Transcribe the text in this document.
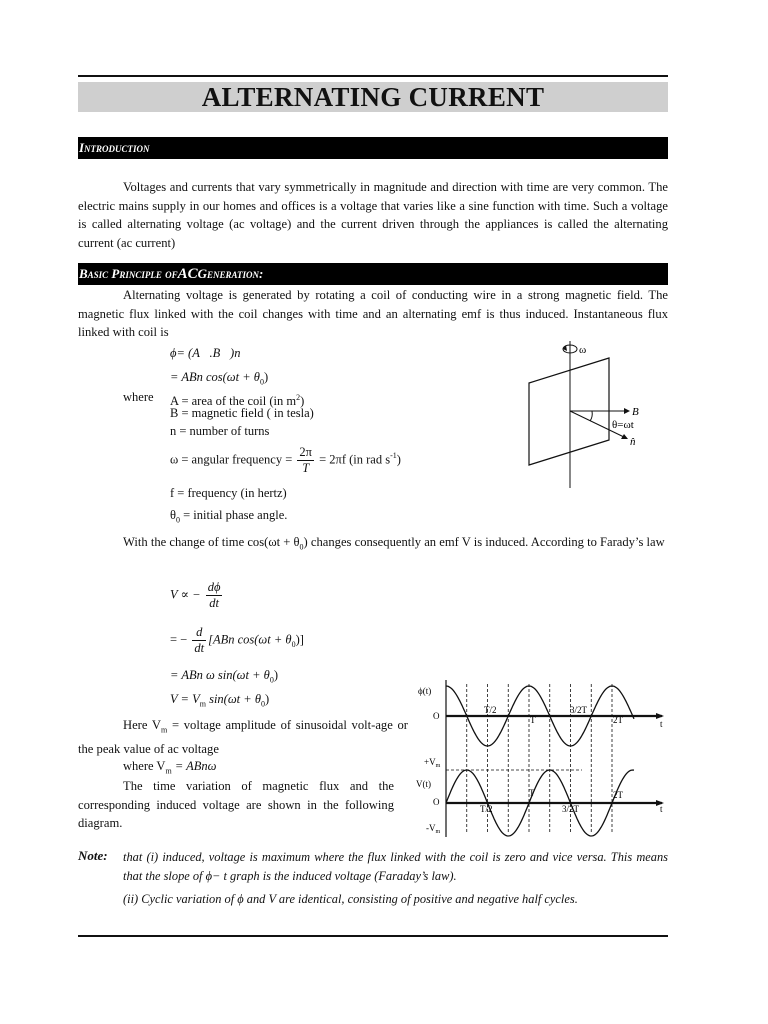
ALTERNATING CURRENT
Introduction

Voltages and currents that vary symmetrically in magnitude and direction with time are very common. The electric mains supply in our homes and offices is a voltage that varies like a sine function with time. Such a voltage is called alternating voltage (ac voltage) and the current driven through the appliances is called the alternating current (ac current)

Basic Principle ofACGeneration:

Alternating voltage is generated by rotating a coil of conducting wire in a strong magnetic field. The magnetic flux linked with the coil changes with time and an alternating emf is thus induced. Instantaneous flux linked with coil is

ϕ= (A⃗.B⃗)n
= ABn $\cos(\omega t + \theta_0)$
where A = area of the coil (in $m^2$)
B = magnetic field ( in tesla)
n = number of turns
ω = angular frequency = $\frac{2\pi}{T} = 2\pi f$ (in rad $s^{-1}$)
f = frequency (in hertz)
$\theta_0$ = initial phase angle.

With the change of time $\cos(\omega t + \theta_0)$ changes consequently an emf V is induced. According to Farady’s law

V ∝ − $\frac{d\phi}{dt}$
= − $\frac{d}{dt} [ABn$ $\cos(\omega t + \theta_0)$]
= ABn ω $\sin(\omega t + \theta_0)$
$V = V_m$ $\sin(\omega t + \theta_0)$

Here $V_m$ = voltage amplitude of sinusoidal volt-age or the peak value of ac voltage

where $V_m = ABn\omega$

The time variation of magnetic flux and the corresponding induced voltage are shown in the following diagram.

ω
B⃗
θ=ωt
n̂
ϕ(t)
O
T/2
T
3/2T
2T	t
$+V_m$
V(t)
O
T/2
T
3/2T
2T
t
$-V_m$
Note: that (i) induced, voltage is maximum where the flux linked with the coil is zero and vice versa. This means that the slope of ϕ− t graph is the induced voltage (Faraday’s law).

(ii) Cyclic variation of ϕ and V are identical, consisting of positive and negative half cycles.
